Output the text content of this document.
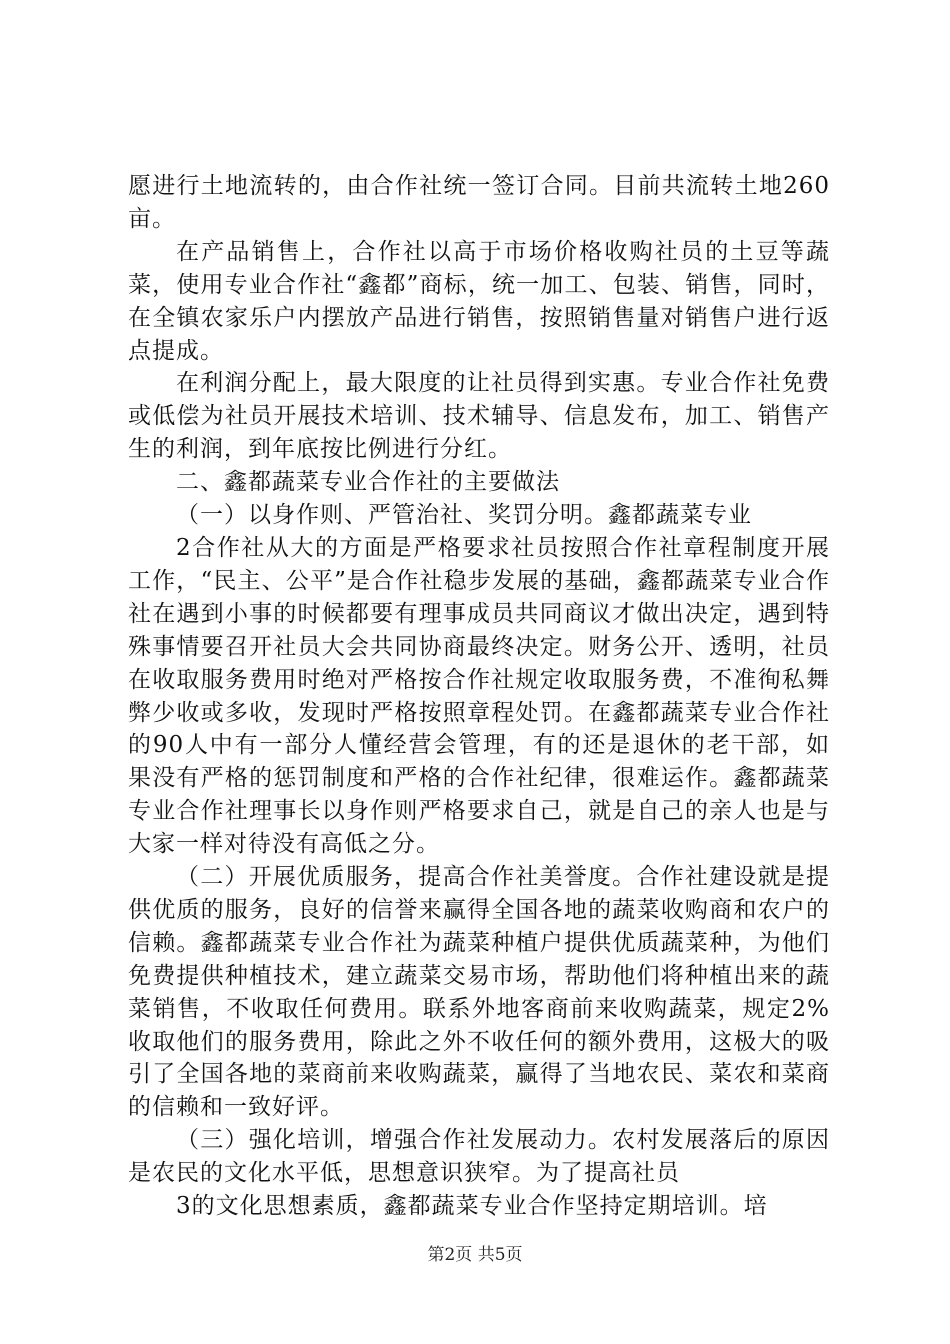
愿进行土地流转的，由合作社统一签订合同。目前共流转土地260亩。

在产品销售上，合作社以高于市场价格收购社员的土豆等蔬菜，使用专业合作社“鑫都”商标，统一加工、包装、销售，同时，在全镇农家乐户内摆放产品进行销售，按照销售量对销售户进行返点提成。

在利润分配上，最大限度的让社员得到实惠。专业合作社免费或低偿为社员开展技术培训、技术辅导、信息发布，加工、销售产生的利润，到年底按比例进行分红。

二、鑫都蔬菜专业合作社的主要做法

（一）以身作则、严管治社、奖罚分明。鑫都蔬菜专业

2合作社从大的方面是严格要求社员按照合作社章程制度开展工作，“民主、公平”是合作社稳步发展的基础，鑫都蔬菜专业合作社在遇到小事的时候都要有理事成员共同商议才做出决定，遇到特殊事情要召开社员大会共同协商最终决定。财务公开、透明，社员在收取服务费用时绝对严格按合作社规定收取服务费，不准徇私舞弊少收或多收，发现时严格按照章程处罚。在鑫都蔬菜专业合作社的90人中有一部分人懂经营会管理，有的还是退休的老干部，如果没有严格的惩罚制度和严格的合作社纪律，很难运作。鑫都蔬菜专业合作社理事长以身作则严格要求自己，就是自己的亲人也是与大家一样对待没有高低之分。

（二）开展优质服务，提高合作社美誉度。合作社建设就是提供优质的服务，良好的信誉来赢得全国各地的蔬菜收购商和农户的信赖。鑫都蔬菜专业合作社为蔬菜种植户提供优质蔬菜种，为他们免费提供种植技术，建立蔬菜交易市场，帮助他们将种植出来的蔬菜销售，不收取任何费用。联系外地客商前来收购蔬菜，规定2%收取他们的服务费用，除此之外不收任何的额外费用，这极大的吸引了全国各地的菜商前来收购蔬菜，赢得了当地农民、菜农和菜商的信赖和一致好评。

（三）强化培训，增强合作社发展动力。农村发展落后的原因是农民的文化水平低，思想意识狭窄。为了提高社员

3的文化思想素质，鑫都蔬菜专业合作坚持定期培训。培

第2页 共5页
